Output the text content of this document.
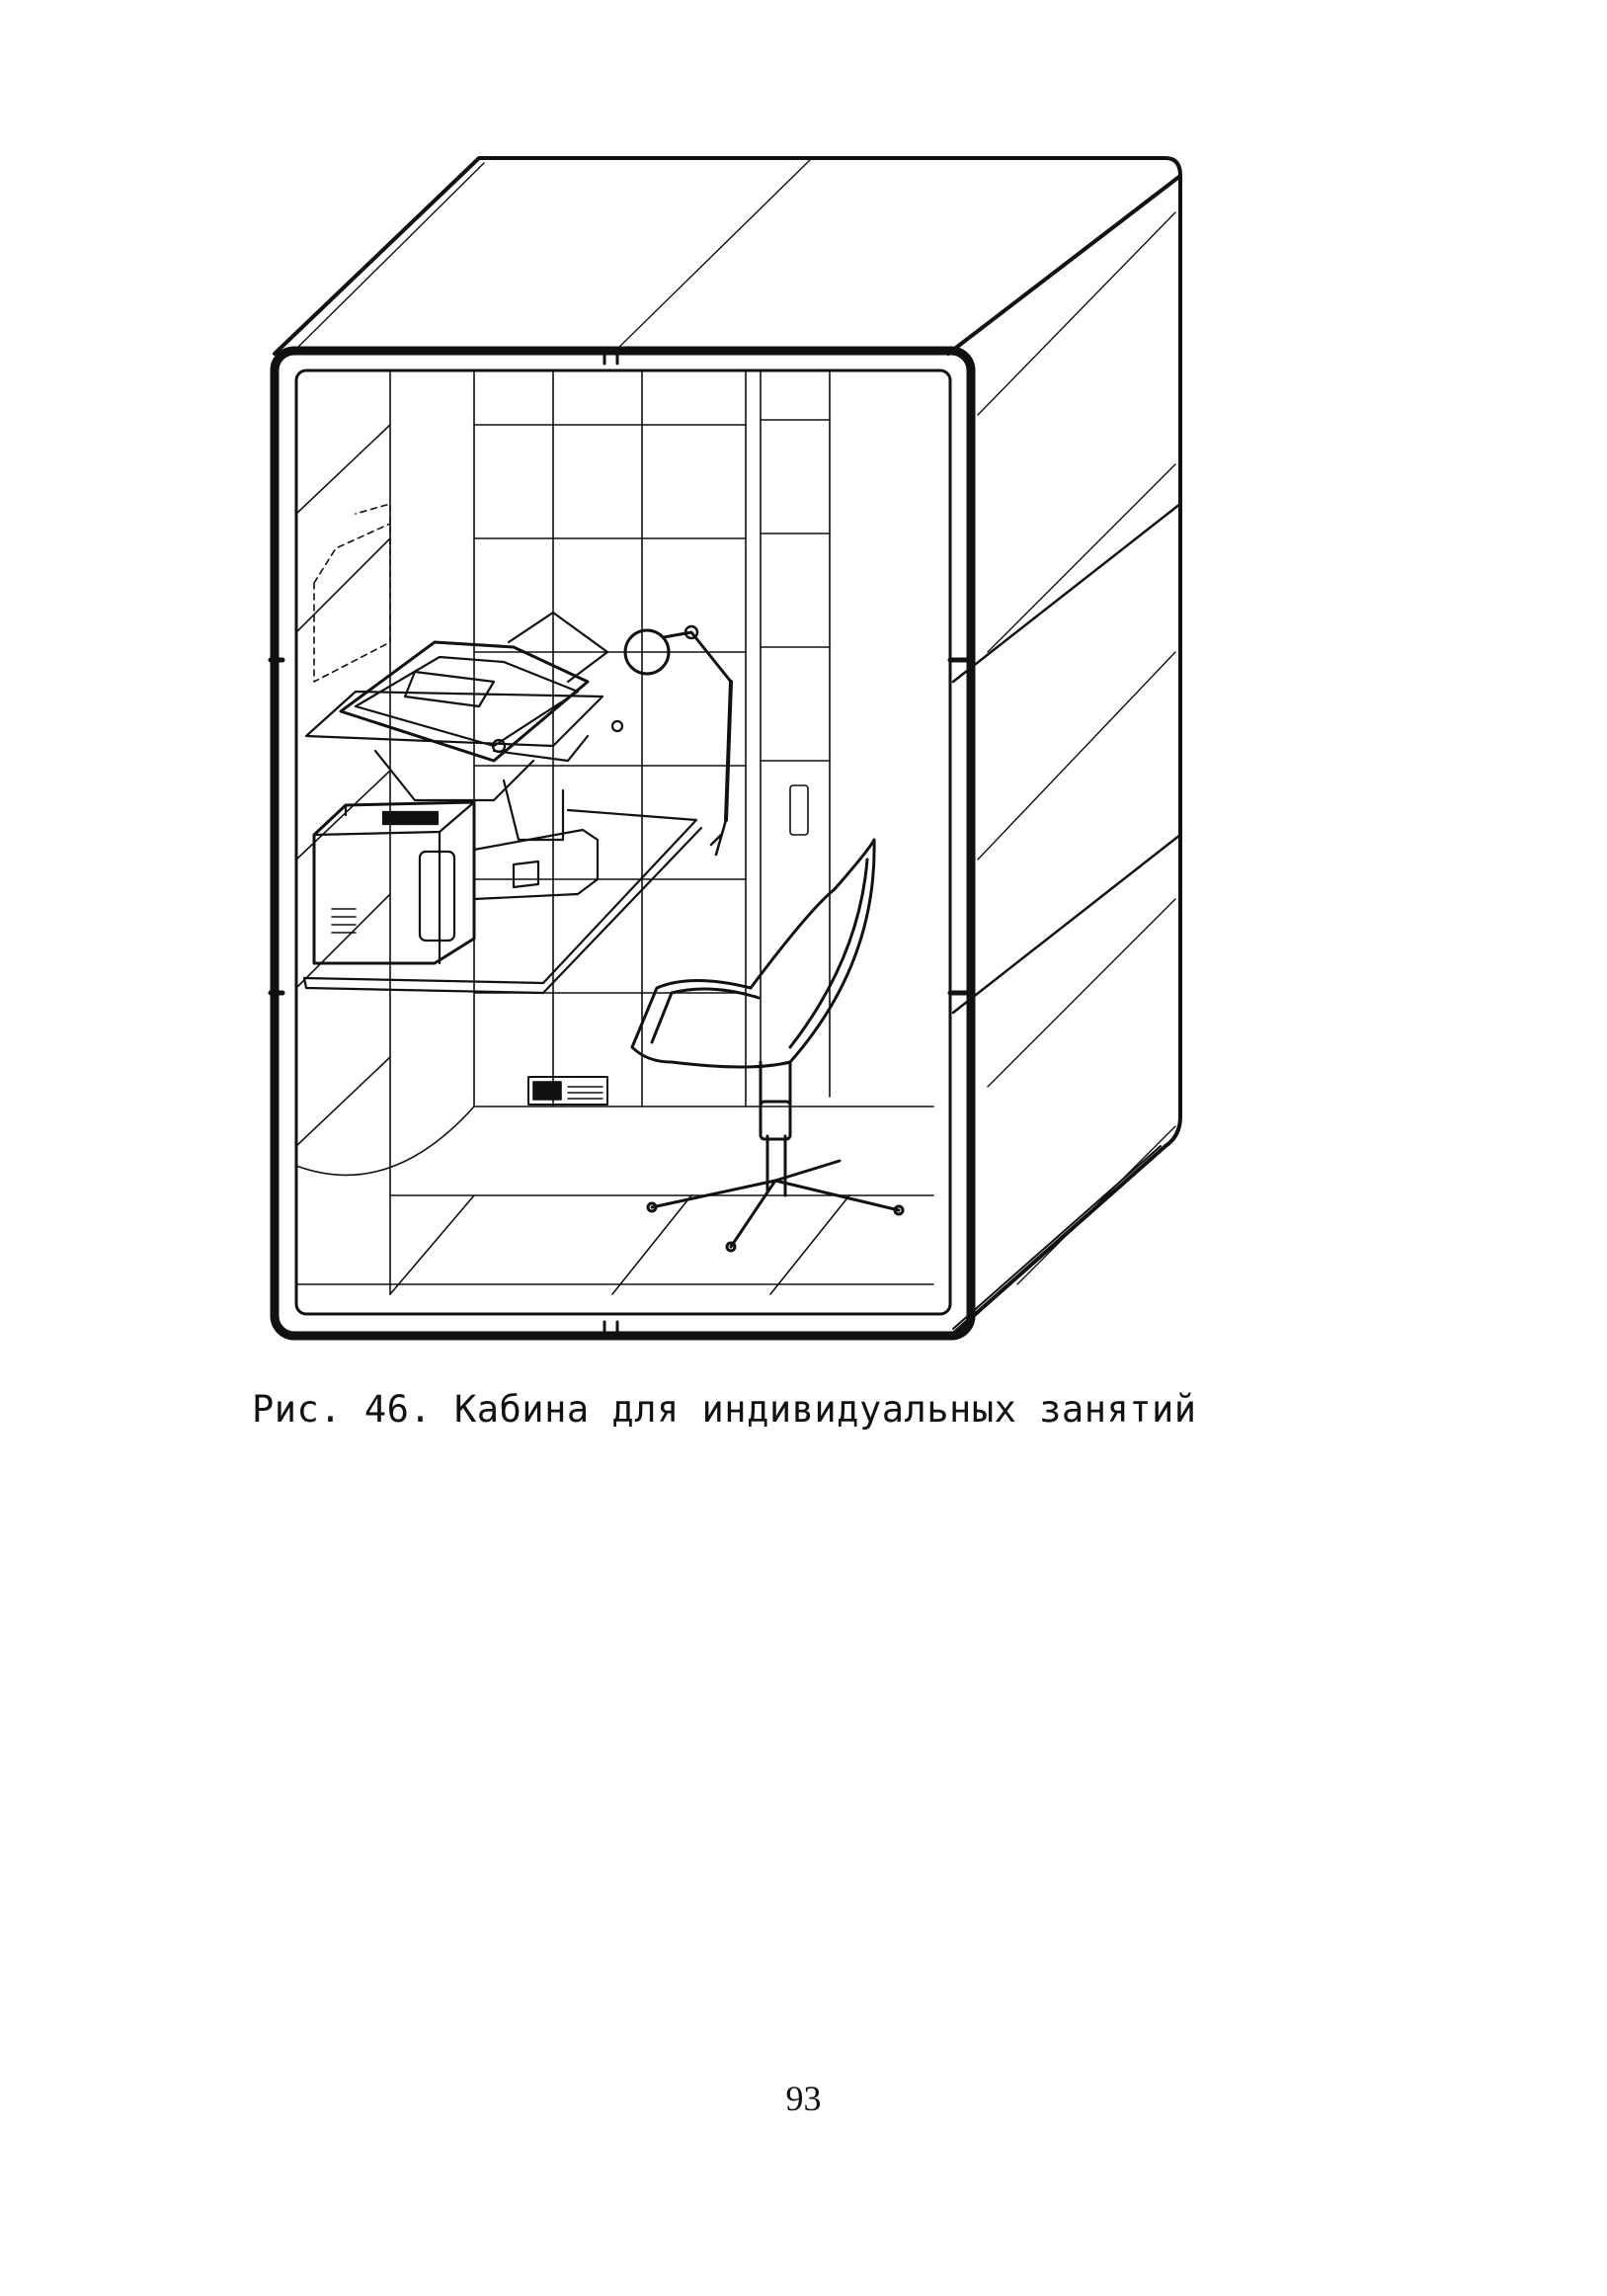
Рис. 46. Кабина для индивидуальных занятий
93
